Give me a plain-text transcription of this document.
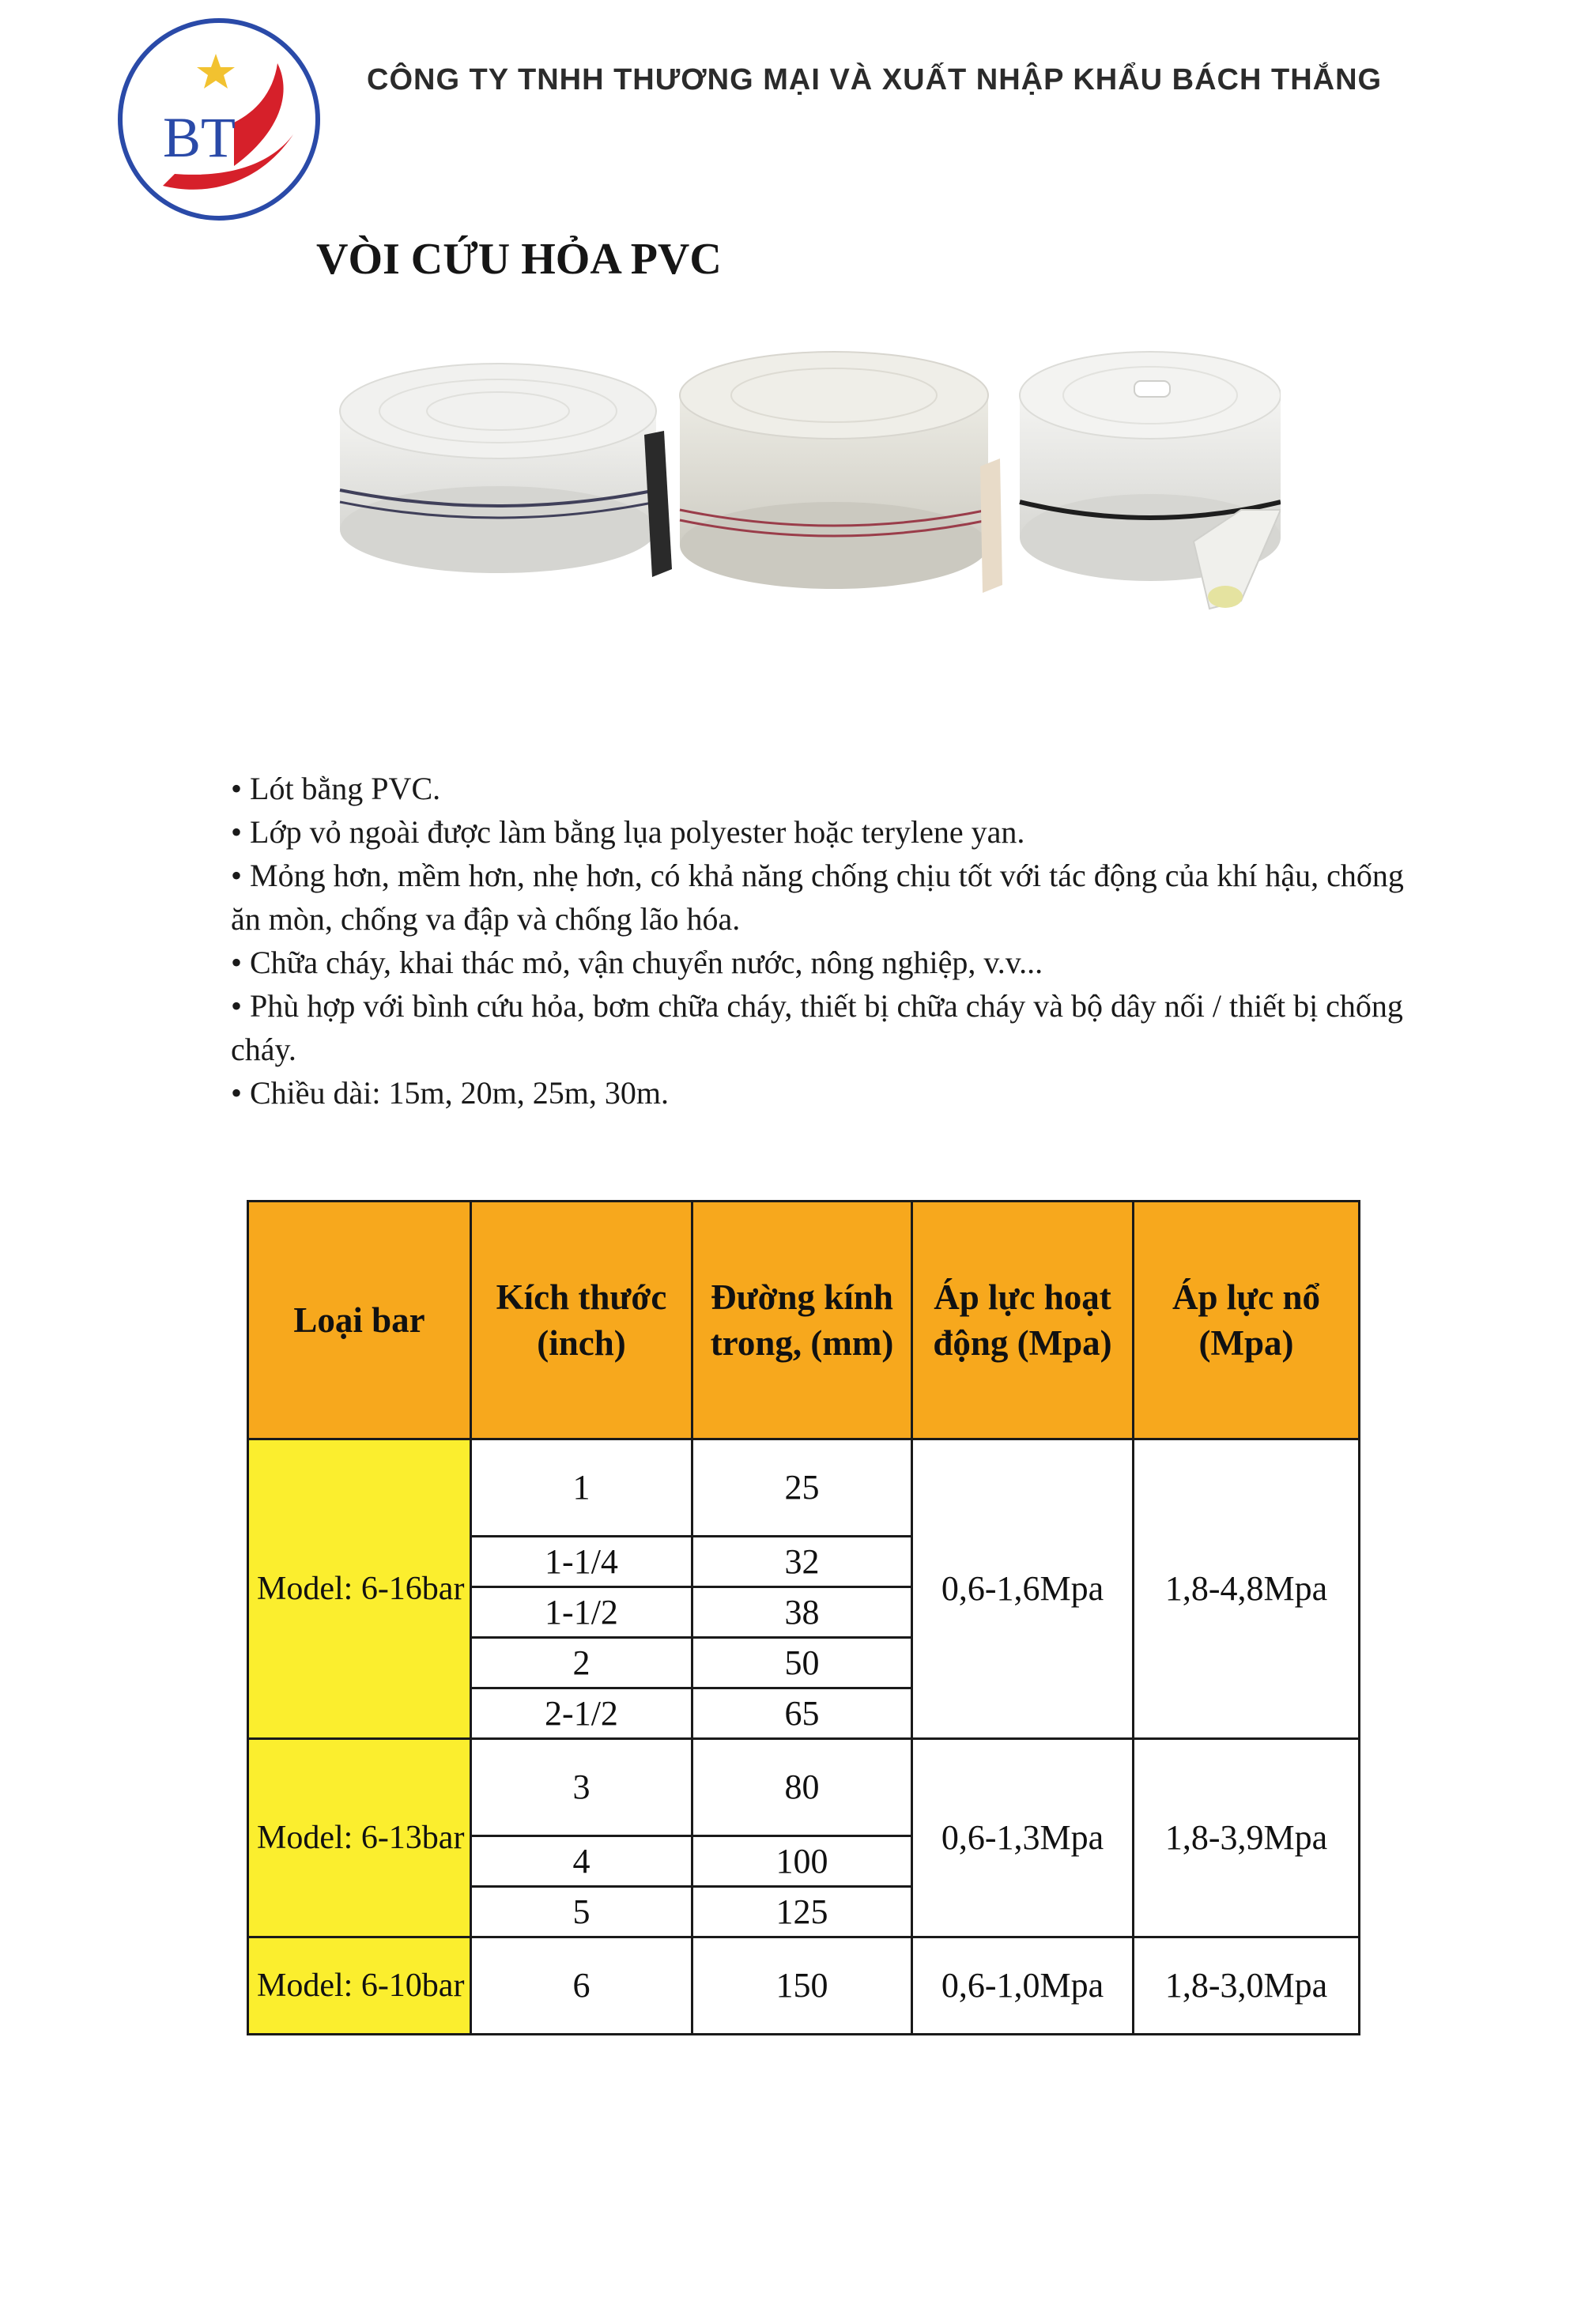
BT
CÔNG TY TNHH THƯƠNG MẠI VÀ XUẤT NHẬP KHẨU BÁCH THẮNG
VÒI CỨU HỎA PVC

• Lót bằng PVC.

• Lớp vỏ ngoài được làm bằng lụa polyester hoặc terylene yan.

• Mỏng hơn, mềm hơn, nhẹ hơn, có khả năng chống chịu tốt với tác động của khí hậu, chống ăn mòn, chống va đập và chống lão hóa.

• Chữa cháy, khai thác mỏ, vận chuyển nước, nông nghiệp, v.v...

• Phù hợp với bình cứu hỏa, bơm chữa cháy, thiết bị chữa cháy và bộ dây nối / thiết bị chống cháy.

• Chiều dài: 15m, 20m, 25m, 30m.

Loại bar	Kích thước (inch)	Đường kính trong, (mm)	Áp lực hoạt động (Mpa)	Áp lực nổ (Mpa)
Model: 6-16bar	1	25	0,6-1,6Mpa	1,8-4,8Mpa
	1-1/4	32		
	1-1/2	38		
	2	50		
	2-1/2	65		
Model: 6-13bar	3	80	0,6-1,3Mpa	1,8-3,9Mpa
	4	100		
	5	125		
Model: 6-10bar	6	150	0,6-1,0Mpa	1,8-3,0Mpa
